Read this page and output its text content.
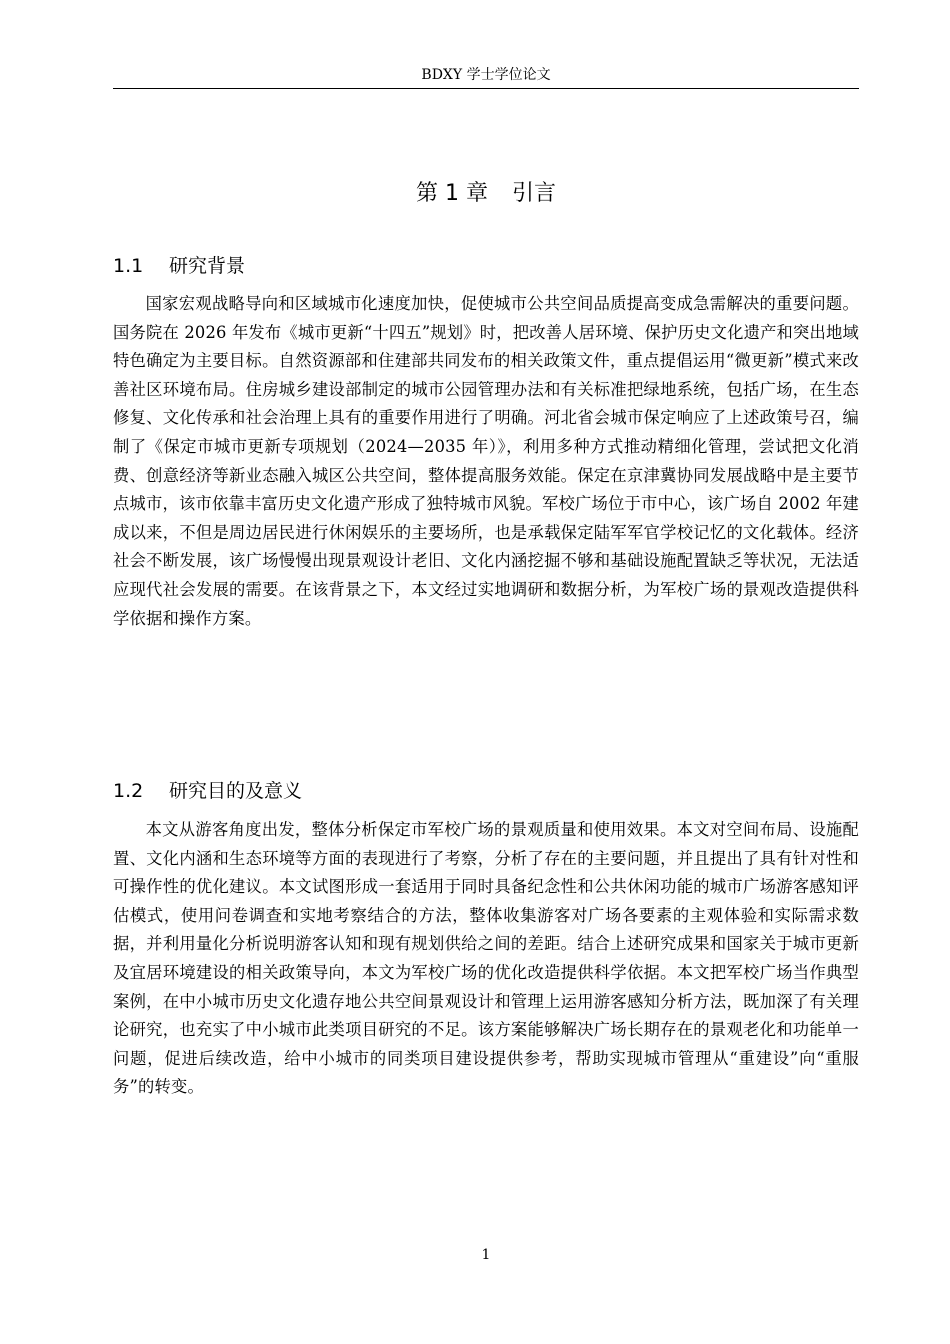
BDXY 学士学位论文
第 1 章 引言
1.1 研究背景

国家宏观战略导向和区域城市化速度加快，促使城市公共空间品质提高变成急需解决的重要问题。国务院在 2026 年发布《城市更新“十四五”规划》时，把改善人居环境、保护历史文化遗产和突出地域特色确定为主要目标。自然资源部和住建部共同发布的相关政策文件，重点提倡运用“微更新”模式来改善社区环境布局。住房城乡建设部制定的城市公园管理办法和有关标准把绿地系统，包括广场，在生态修复、文化传承和社会治理上具有的重要作用进行了明确。河北省会城市保定响应了上述政策号召，编制了《保定市城市更新专项规划（2024—2035 年）》，利用多种方式推动精细化管理，尝试把文化消费、创意经济等新业态融入城区公共空间，整体提高服务效能。保定在京津冀协同发展战略中是主要节点城市，该市依靠丰富历史文化遗产形成了独特城市风貌。军校广场位于市中心，该广场自 2002 年建成以来，不但是周边居民进行休闲娱乐的主要场所，也是承载保定陆军军官学校记忆的文化载体。经济社会不断发展，该广场慢慢出现景观设计老旧、文化内涵挖掘不够和基础设施配置缺乏等状况，无法适应现代社会发展的需要。在该背景之下，本文经过实地调研和数据分析，为军校广场的景观改造提供科学依据和操作方案。

1.2 研究目的及意义

本文从游客角度出发，整体分析保定市军校广场的景观质量和使用效果。本文对空间布局、设施配置、文化内涵和生态环境等方面的表现进行了考察，分析了存在的主要问题，并且提出了具有针对性和可操作性的优化建议。本文试图形成一套适用于同时具备纪念性和公共休闲功能的城市广场游客感知评估模式，使用问卷调查和实地考察结合的方法，整体收集游客对广场各要素的主观体验和实际需求数据，并利用量化分析说明游客认知和现有规划供给之间的差距。结合上述研究成果和国家关于城市更新及宜居环境建设的相关政策导向，本文为军校广场的优化改造提供科学依据。本文把军校广场当作典型案例，在中小城市历史文化遗存地公共空间景观设计和管理上运用游客感知分析方法，既加深了有关理论研究，也充实了中小城市此类项目研究的不足。该方案能够解决广场长期存在的景观老化和功能单一问题，促进后续改造，给中小城市的同类项目建设提供参考，帮助实现城市管理从“重建设”向“重服务”的转变。

1
